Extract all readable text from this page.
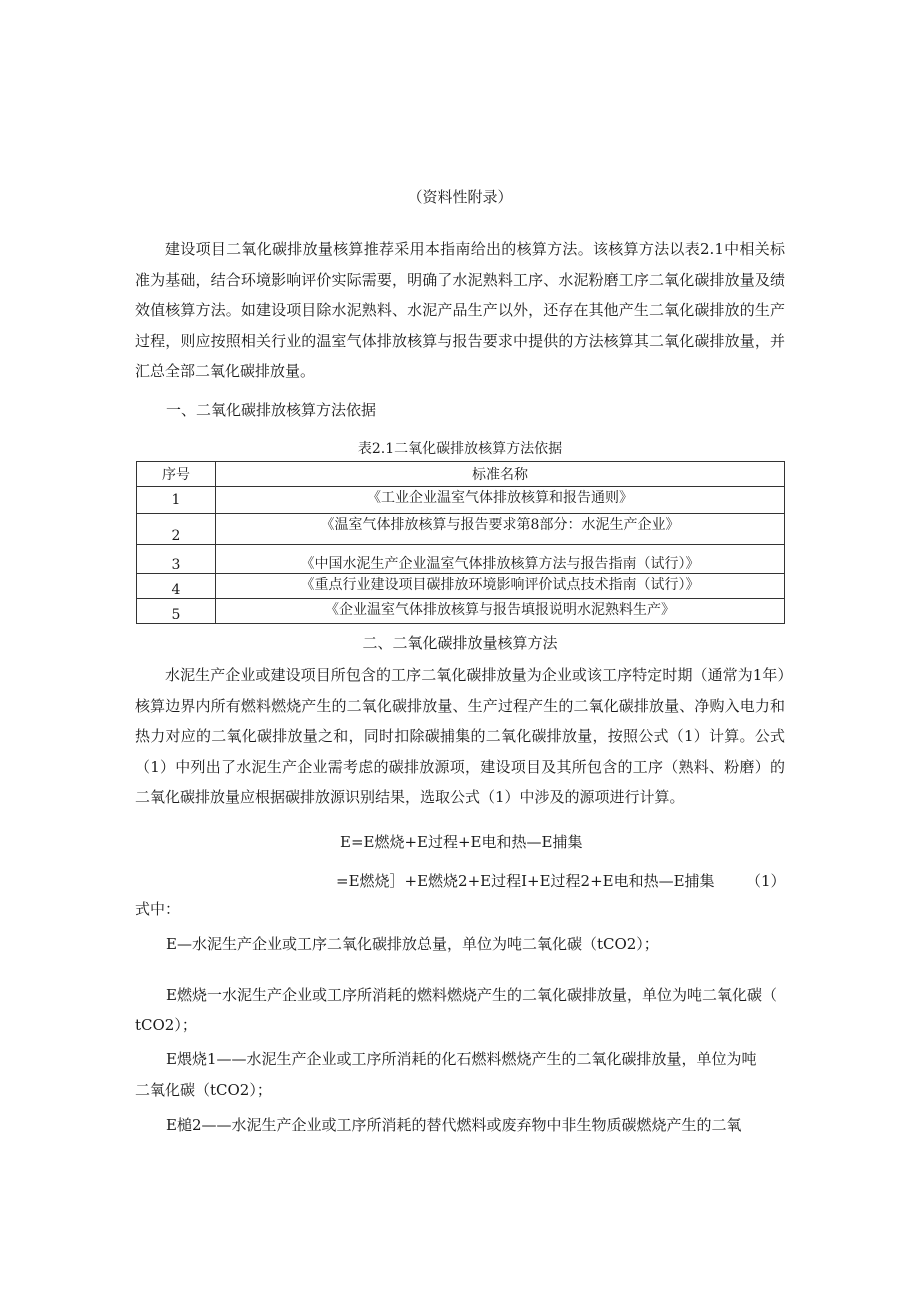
（资料性附录）

建设项目二氧化碳排放量核算推荐采用本指南给出的核算方法。该核算方法以表2.1中相关标准为基础，结合环境影响评价实际需要，明确了水泥熟料工序、水泥粉磨工序二氧化碳排放量及绩效值核算方法。如建设项目除水泥熟料、水泥产品生产以外，还存在其他产生二氧化碳排放的生产过程，则应按照相关行业的温室气体排放核算与报告要求中提供的方法核算其二氧化碳排放量，并汇总全部二氧化碳排放量。

一、二氧化碳排放核算方法依据
表2.1二氧化碳排放核算方法依据
序号	标准名称
1	《工业企业温室气体排放核算和报告通则》
2	《温室气体排放核算与报告要求第8部分：水泥生产企业》
3	《中国水泥生产企业温室气体排放核算方法与报告指南（试行）》
4	《重点行业建设项目碳排放环境影响评价试点技术指南（试行）》
5	《企业温室气体排放核算与报告填报说明水泥熟料生产》
二、二氧化碳排放量核算方法

水泥生产企业或建设项目所包含的工序二氧化碳排放量为企业或该工序特定时期（通常为1年）核算边界内所有燃料燃烧产生的二氧化碳排放量、生产过程产生的二氧化碳排放量、净购入电力和热力对应的二氧化碳排放量之和，同时扣除碳捕集的二氧化碳排放量，按照公式（1）计算。公式（1）中列出了水泥生产企业需考虑的碳排放源项，建设项目及其所包含的工序（熟料、粉磨）的二氧化碳排放量应根据碳排放源识别结果，选取公式（1）中涉及的源项进行计算。

E=E燃烧+E过程+E电和热—E捕集
=E燃烧］+E燃烧2+E过程I+E过程2+E电和热—E捕集 （1）
式中：
E—水泥生产企业或工序二氧化碳排放总量，单位为吨二氧化碳（tCO2）；
E燃烧一水泥生产企业或工序所消耗的燃料燃烧产生的二氧化碳排放量，单位为吨二氧化碳（
tCO2）；
E煨烧1——水泥生产企业或工序所消耗的化石燃料燃烧产生的二氧化碳排放量，单位为吨
二氧化碳（tCO2）；
E槌2——水泥生产企业或工序所消耗的替代燃料或废弃物中非生物质碳燃烧产生的二氧
